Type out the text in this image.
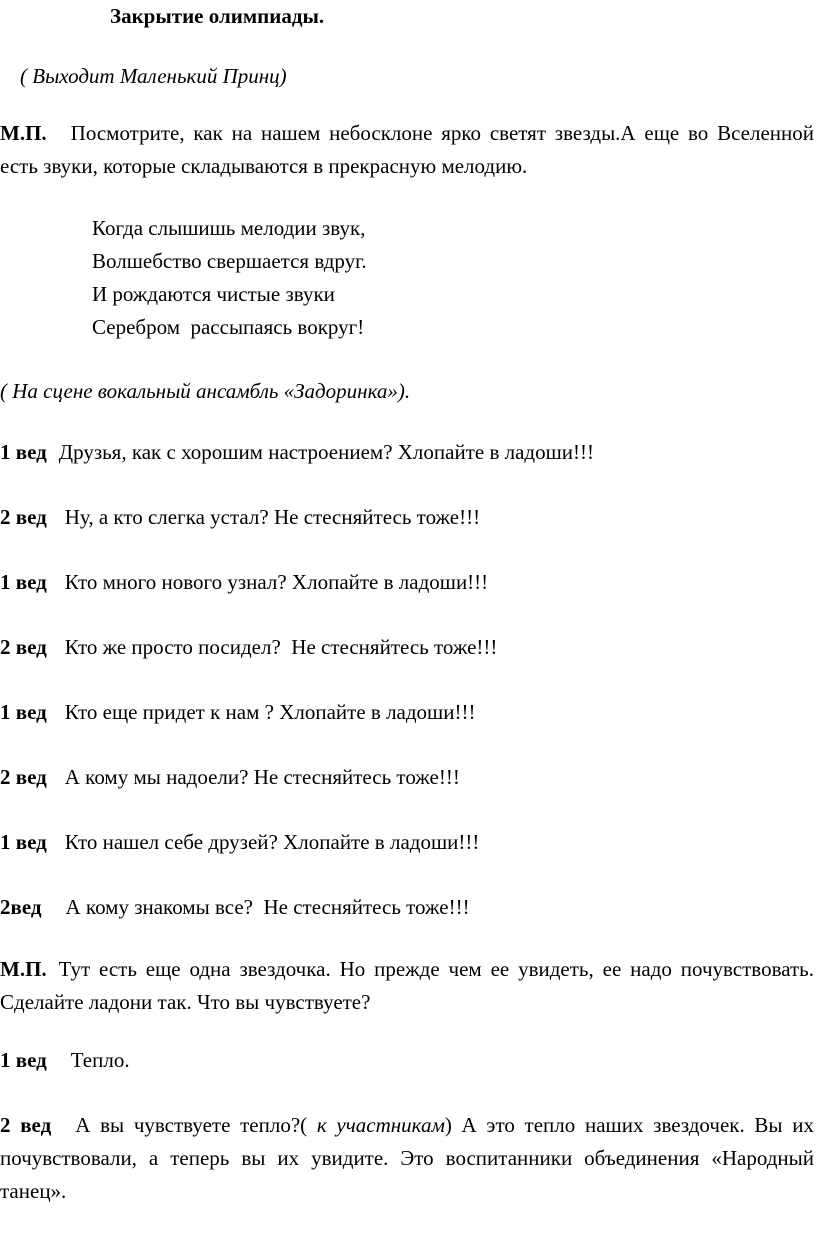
Закрытие олимпиады.
( Выходит Маленький Принц)

М.П. Посмотрите, как на нашем небосклоне ярко светят звезды.А еще во Вселенной есть звуки, которые складываются в прекрасную мелодию.

Когда слышишь мелодии звук,
Волшебство свершается вдруг.
И рождаются чистые звуки
Серебром  рассыпаясь вокруг!
( На сцене вокальный ансамбль «Задоринка»).
1 вед Друзья, как с хорошим настроением? Хлопайте в ладоши!!!
2 вед Ну, а кто слегка устал? Не стесняйтесь тоже!!!
1 вед Кто много нового узнал? Хлопайте в ладоши!!!
2 вед Кто же просто посидел?  Не стесняйтесь тоже!!!
1 вед Кто еще придет к нам ? Хлопайте в ладоши!!!
2 вед А кому мы надоели? Не стесняйтесь тоже!!!
1 вед Кто нашел себе друзей? Хлопайте в ладоши!!!
2вед А кому знакомы все?  Не стесняйтесь тоже!!!

М.П. Тут есть еще одна звездочка. Но прежде чем ее увидеть, ее надо почувствовать. Сделайте ладони так. Что вы чувствуете?

1 вед Тепло.

2 вед А вы чувствуете тепло?( к участникам) А это тепло наших звездочек. Вы их почувствовали, а теперь вы их увидите. Это воспитанники объединения «Народный танец».
